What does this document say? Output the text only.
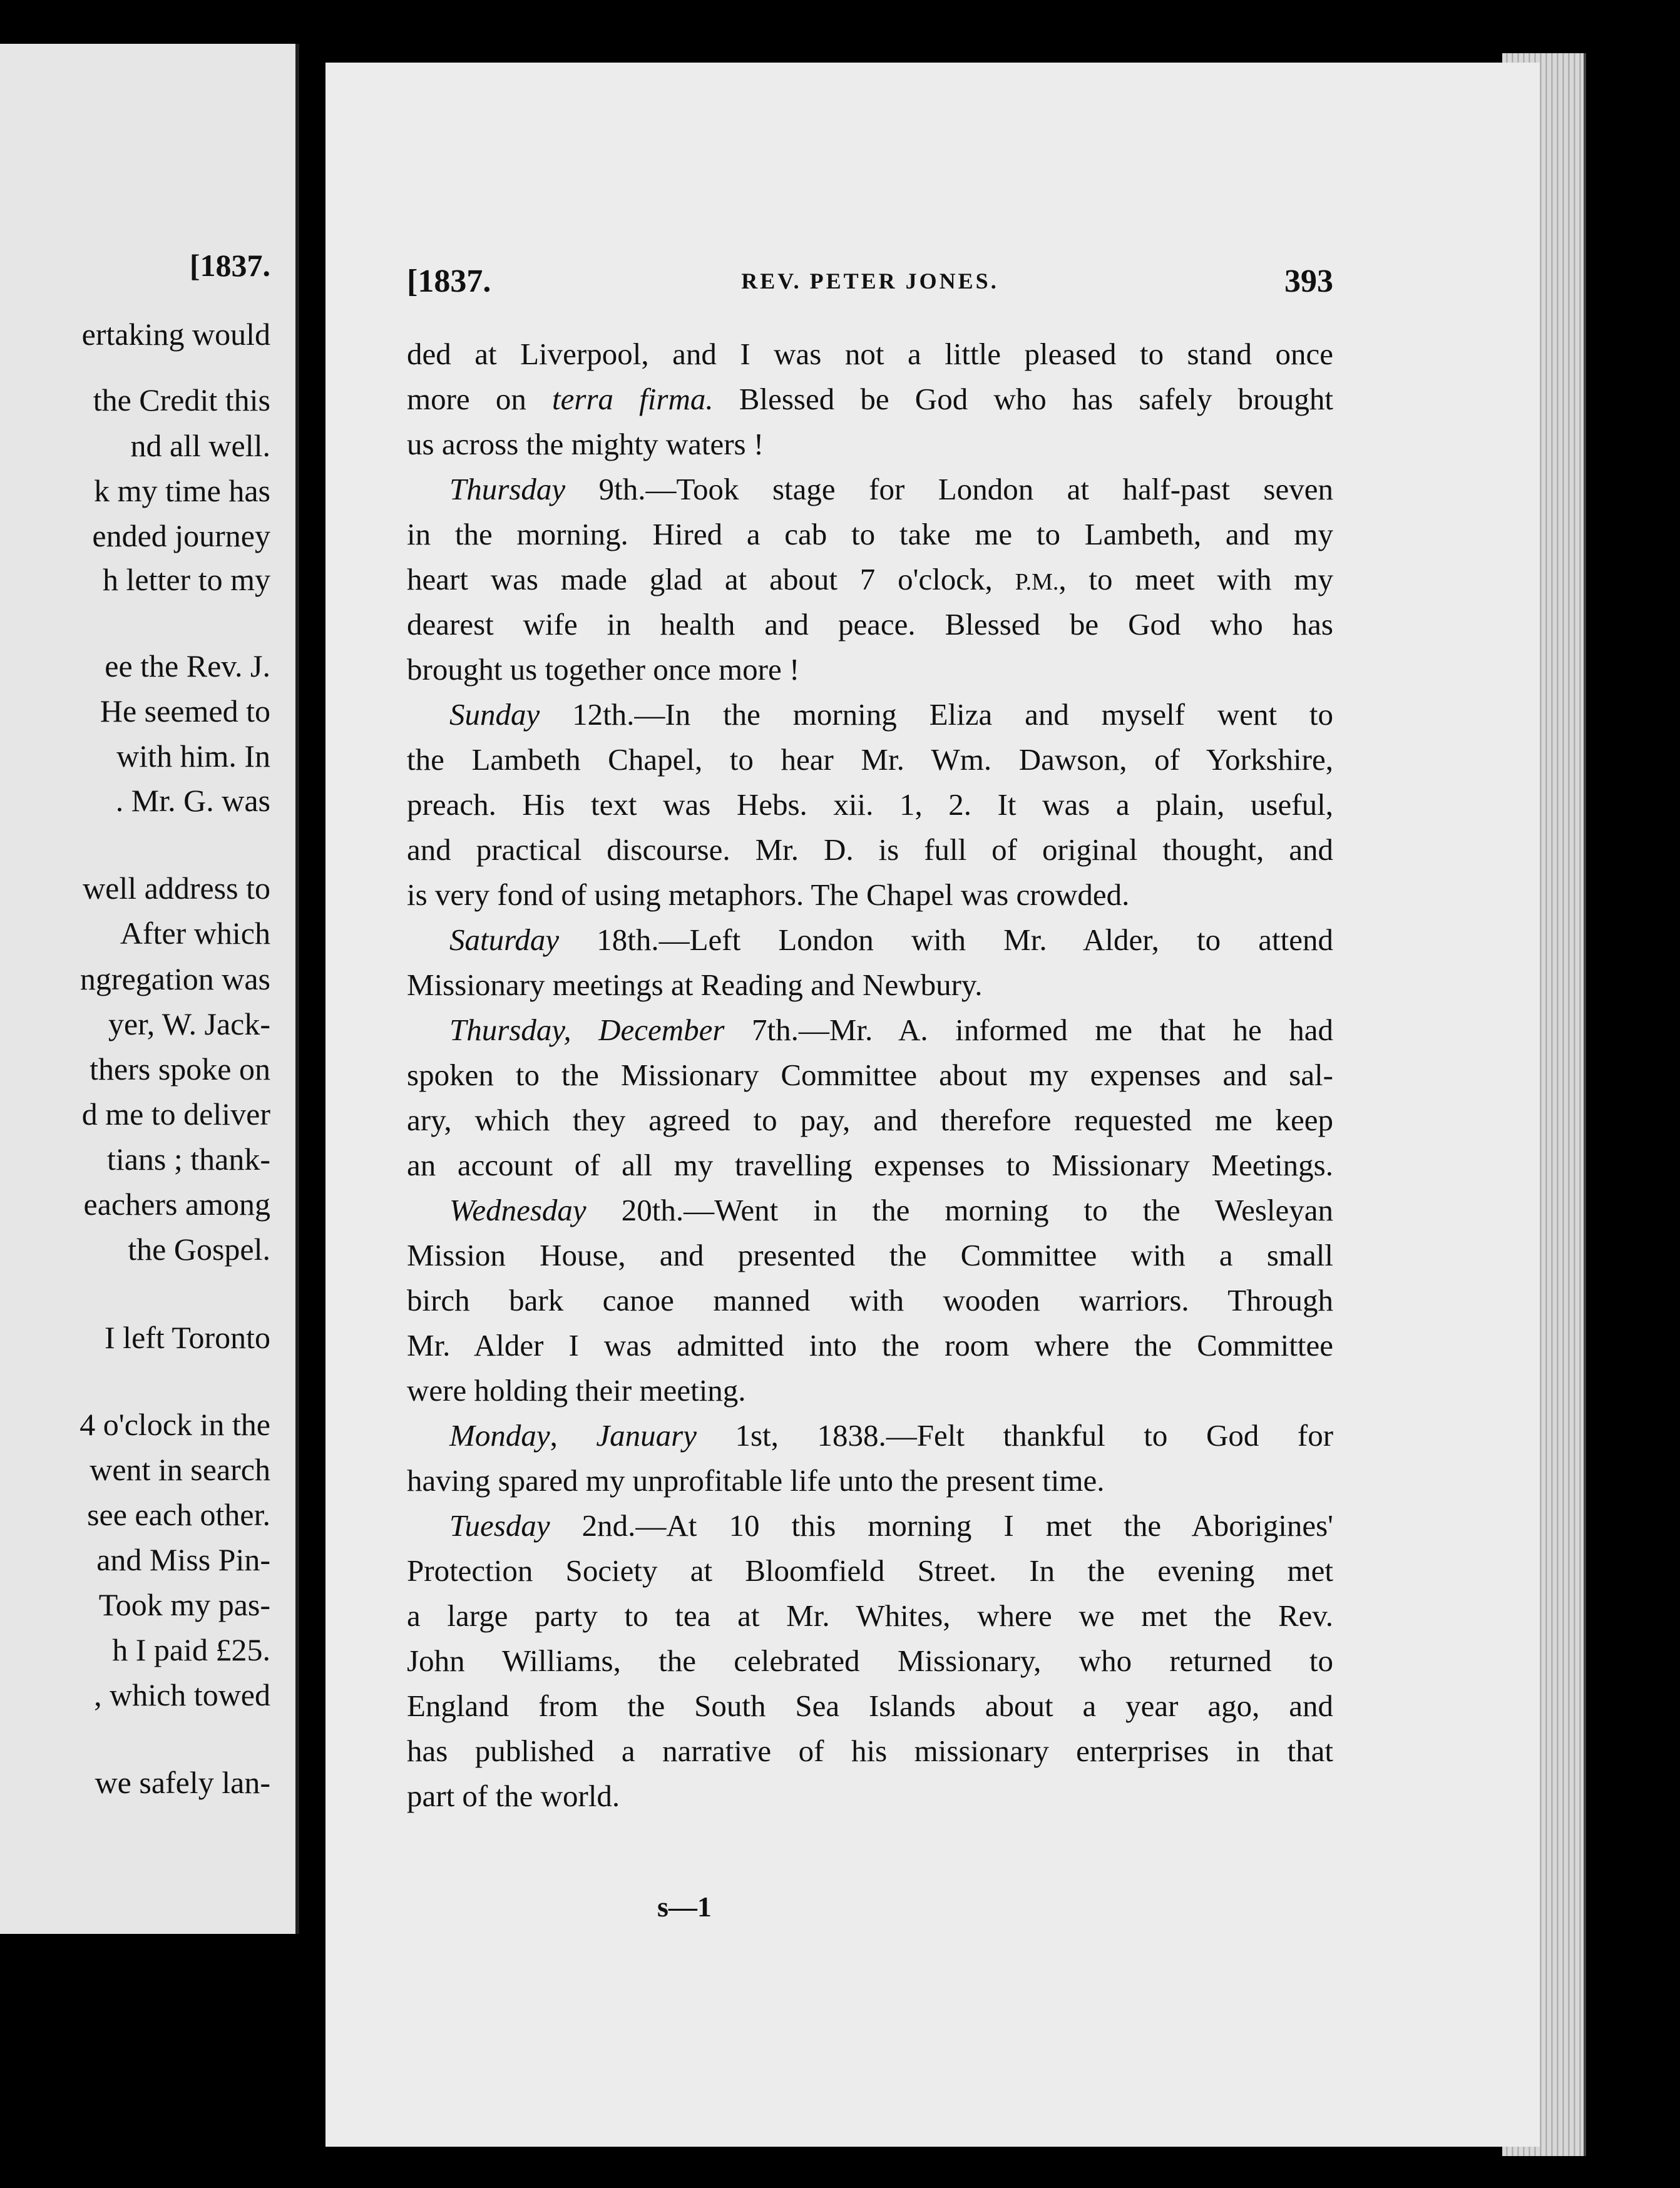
[1837.
ertaking would
the Credit this
nd all well.
k my time has
ended journey
h letter to my
ee the Rev. J.
He seemed to
with him. In
. Mr. G. was
well address to
After which
ngregation was
yer, W. Jack-
thers spoke on
d me to deliver
tians ; thank-
eachers among
the Gospel.
I left Toronto
4 o'clock in the
went in search
see each other.
and Miss Pin-
Took my pas-
h I paid £25.
, which towed
we safely lan-
[1837.	REV. PETER JONES.	393
ded at Liverpool, and I was not a little pleased to stand once
more on terra firma. Blessed be God who has safely brought
us across the mighty waters !
Thursday 9th.—Took stage for London at half-past seven
in the morning. Hired a cab to take me to Lambeth, and my
heart was made glad at about 7 o'clock, P.M., to meet with my
dearest wife in health and peace. Blessed be God who has
brought us together once more !
Sunday 12th.—In the morning Eliza and myself went to
the Lambeth Chapel, to hear Mr. Wm. Dawson, of Yorkshire,
preach. His text was Hebs. xii. 1, 2. It was a plain, useful,
and practical discourse. Mr. D. is full of original thought, and
is very fond of using metaphors. The Chapel was crowded.
Saturday 18th.—Left London with Mr. Alder, to attend
Missionary meetings at Reading and Newbury.
Thursday, December 7th.—Mr. A. informed me that he had
spoken to the Missionary Committee about my expenses and sal-
ary, which they agreed to pay, and therefore requested me keep
an account of all my travelling expenses to Missionary Meetings.
Wednesday 20th.—Went in the morning to the Wesleyan
Mission House, and presented the Committee with a small
birch bark canoe manned with wooden warriors. Through
Mr. Alder I was admitted into the room where the Committee
were holding their meeting.
Monday, January 1st, 1838.—Felt thankful to God for
having spared my unprofitable life unto the present time.
Tuesday 2nd.—At 10 this morning I met the Aborigines'
Protection Society at Bloomfield Street. In the evening met
a large party to tea at Mr. Whites, where we met the Rev.
John Williams, the celebrated Missionary, who returned to
England from the South Sea Islands about a year ago, and
has published a narrative of his missionary enterprises in that
part of the world.
s—1
